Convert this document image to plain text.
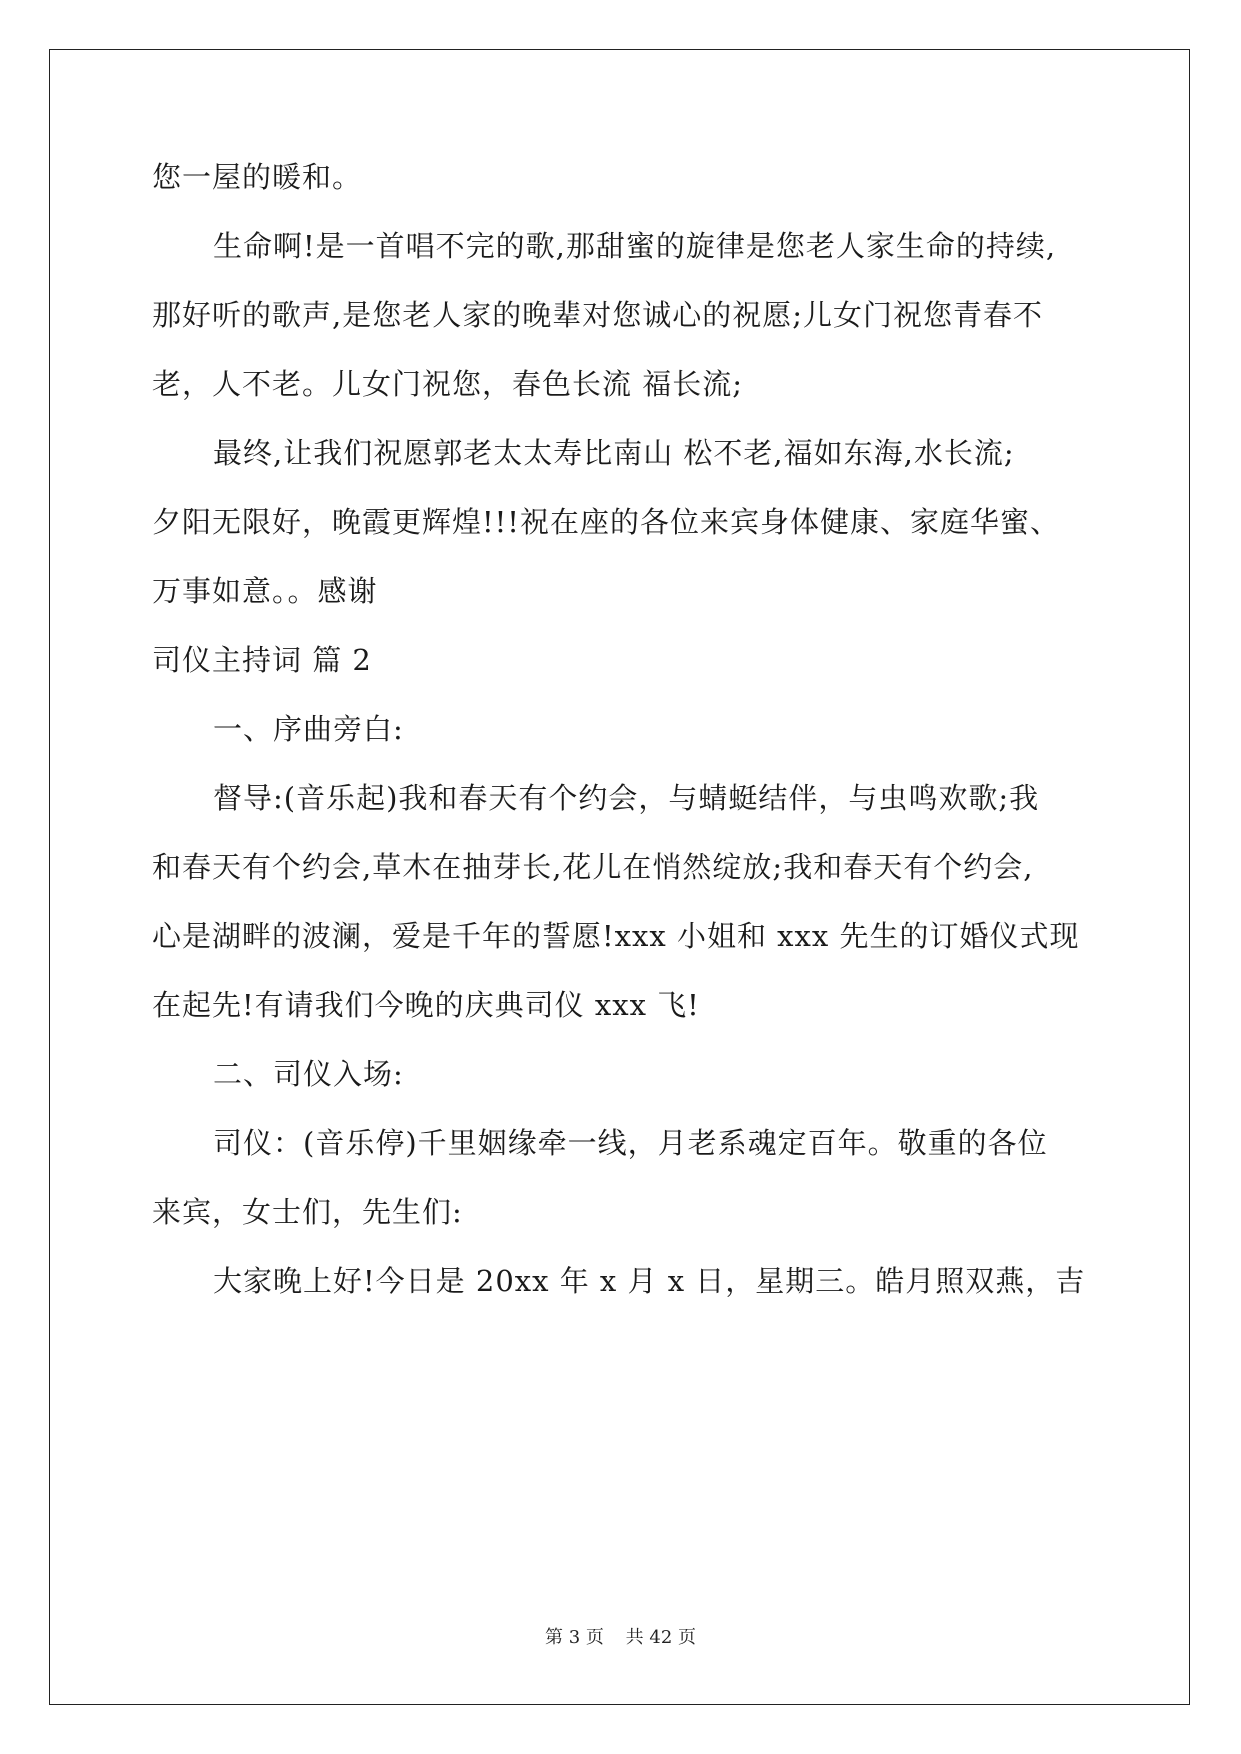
您一屋的暖和。
生命啊!是一首唱不完的歌,那甜蜜的旋律是您老人家生命的持续,
那好听的歌声,是您老人家的晚辈对您诚心的祝愿;儿女门祝您青春不
老，人不老。儿女门祝您，春色长流 福长流;
最终,让我们祝愿郭老太太寿比南山 松不老,福如东海,水长流;
夕阳无限好，晚霞更辉煌!!!祝在座的各位来宾身体健康、家庭华蜜、
万事如意。。感谢
司仪主持词 篇 2
一、序曲旁白:
督导:(音乐起)我和春天有个约会，与蜻蜓结伴，与虫鸣欢歌;我
和春天有个约会,草木在抽芽长,花儿在悄然绽放;我和春天有个约会,
心是湖畔的波澜，爱是千年的誓愿!xxx 小姐和 xxx 先生的订婚仪式现
在起先!有请我们今晚的庆典司仪 xxx 飞!
二、司仪入场:
司仪：(音乐停)千里姻缘牵一线，月老系魂定百年。敬重的各位
来宾，女士们，先生们:
大家晚上好!今日是 20xx 年 x 月 x 日，星期三。皓月照双燕，吉
第 3 页 共 42 页
